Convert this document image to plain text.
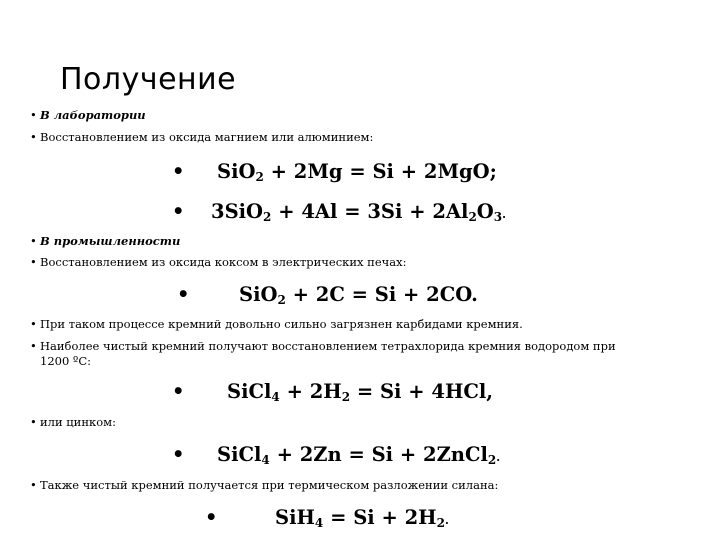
Получение
• В лаборатории
• Восстановлением из оксида магнием или алюминием:
• SiO$_2$ + 2Mg = Si + 2MgO;
• $3SiO_2 + 4Al = 3Si + 2Al_2O_3$.
• В промышленности
• Восстановлением из оксида коксом в электрических печах:
•	SiO$_2$ + 2C = Si + 2CO.
• При таком процессе кремний довольно сильно загрязнен карбидами кремния.
• Наиболее чистый кремний получают восстановлением тетрахлорида кремния водородом при
1200 ºС:
• SiCl$_4$ + $2H_2 = Si + 4HCl$,
• или цинком:
• SiCl$_4$ + 2Zn = Si + 2ZnCl$_2$.
• Также чистый кремний получается при термическом разложении силана:
•	$SiH_4 = Si + 2H_2$.
